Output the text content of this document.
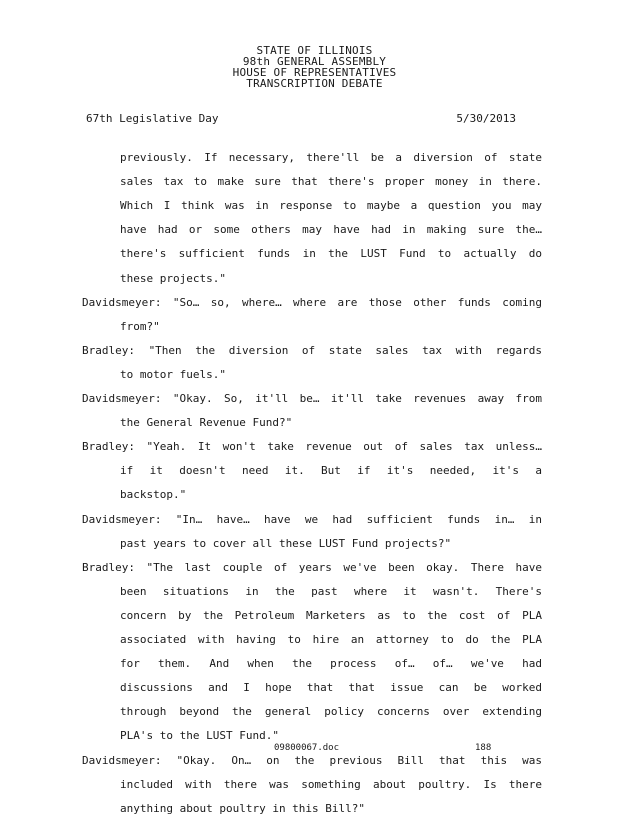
STATE OF ILLINOIS
98th GENERAL ASSEMBLY
HOUSE OF REPRESENTATIVES
TRANSCRIPTION DEBATE
67th Legislative Day	5/30/2013
previously. If necessary, there'll be a diversion of state
sales tax to make sure that there's proper money in there.
Which I think was in response to maybe a question you may
have had or some others may have had in making sure the…
there's sufficient funds in the LUST Fund to actually do
these projects."
Davidsmeyer: "So… so, where… where are those other funds coming
from?"
Bradley: "Then the diversion of state sales tax with regards
to motor fuels."
Davidsmeyer: "Okay. So, it'll be… it'll take revenues away from
the General Revenue Fund?"
Bradley: "Yeah. It won't take revenue out of sales tax unless…
if it doesn't need it. But if it's needed, it's a
backstop."
Davidsmeyer: "In… have… have we had sufficient funds in… in
past years to cover all these LUST Fund projects?"
Bradley: "The last couple of years we've been okay. There have
been situations in the past where it wasn't. There's
concern by the Petroleum Marketers as to the cost of PLA
associated with having to hire an attorney to do the PLA
for them. And when the process of… of… we've had
discussions and I hope that that issue can be worked
through beyond the general policy concerns over extending
PLA's to the LUST Fund."
Davidsmeyer: "Okay. On… on the previous Bill that this was
included with there was something about poultry. Is there
anything about poultry in this Bill?"
09800067.doc	188
